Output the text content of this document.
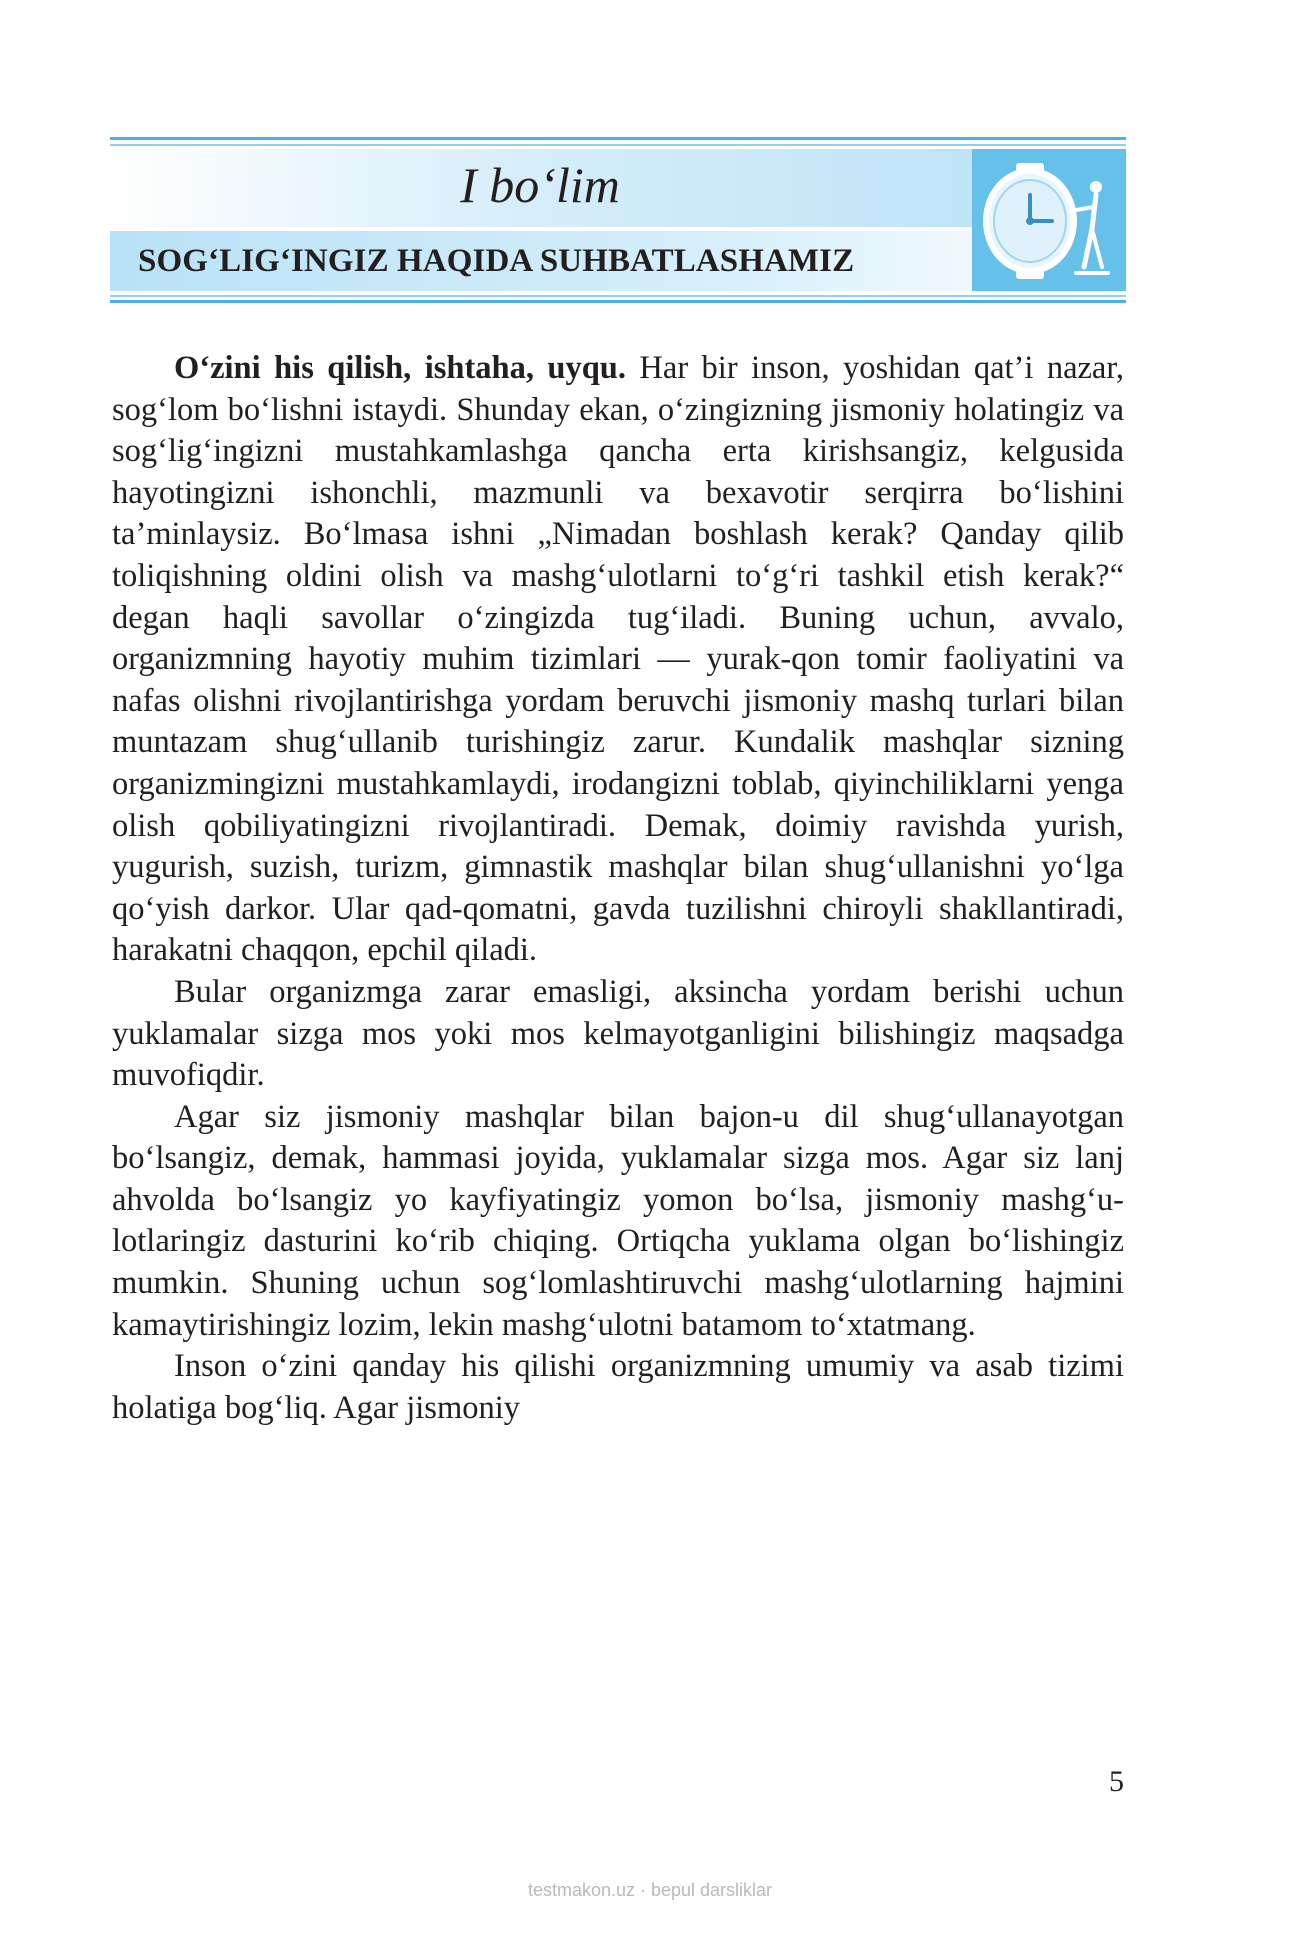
I bo‘lim
SOG‘LIG‘INGIZ HAQIDA SUHBATLASHAMIZ

O‘zini his qilish, ishtaha, uyqu. Har bir inson, yoshidan qat’i nazar, sog‘lom bo‘lishni istaydi. Shunday ekan, o‘zingizning jismoniy holatingiz va sog‘lig‘ingizni mustahkamlashga qancha erta kirishsangiz, kelgusida hayotingizni ishonchli, mazmunli va bexavotir serqirra bo‘lishini ta’minlaysiz. Bo‘lmasa ishni „Nimadan boshlash kerak? Qanday qilib toliqishning oldini olish va mashg‘ulotlarni to‘g‘ri tashkil etish kerak?“ degan haqli savollar o‘zingizda tug‘iladi. Buning uchun, avvalo, organizmning hayotiy muhim tizimlari — yurak-qon tomir faoliyatini va nafas olishni rivojlantirishga yordam beruvchi jismoniy mashq turlari bilan muntazam shug‘ullanib turishingiz zarur. Kundalik mashqlar sizning organizmingizni mustahkamlaydi, irodangizni toblab, qiyinchiliklarni yenga olish qobiliyatingizni rivojlantiradi. Demak, doimiy ravishda yurish, yugurish, suzish, turizm, gimnastik mashqlar bilan shug‘ullanishni yo‘lga qo‘yish darkor. Ular qad-qomatni, gavda tuzilishni chiroyli shakllantiradi, harakatni chaqqon, epchil qiladi.

Bular organizmga zarar emasligi, aksincha yordam berishi uchun yuklamalar sizga mos yoki mos kelmayotganligini bilishingiz maqsadga muvofiqdir.

Agar siz jismoniy mashqlar bilan bajon-u dil shug‘ullanayotgan bo‘lsangiz, demak, hammasi joyida, yuklamalar sizga mos. Agar siz lanj ahvolda bo‘lsangiz yo kayfiyatingiz yomon bo‘lsa, jismoniy mashg‘ulotlaringiz dasturini ko‘rib chiqing. Ortiqcha yuklama olgan bo‘lishingiz mumkin. Shuning uchun sog‘lomlashtiruvchi mashg‘ulotlarning hajmini kamaytirishingiz lozim, lekin mashg‘ulotni batamom to‘xtatmang.

Inson o‘zini qanday his qilishi organizmning umumiy va asab tizimi holatiga bog‘liq. Agar jismoniy

5
testmakon.uz · bepul darsliklar
